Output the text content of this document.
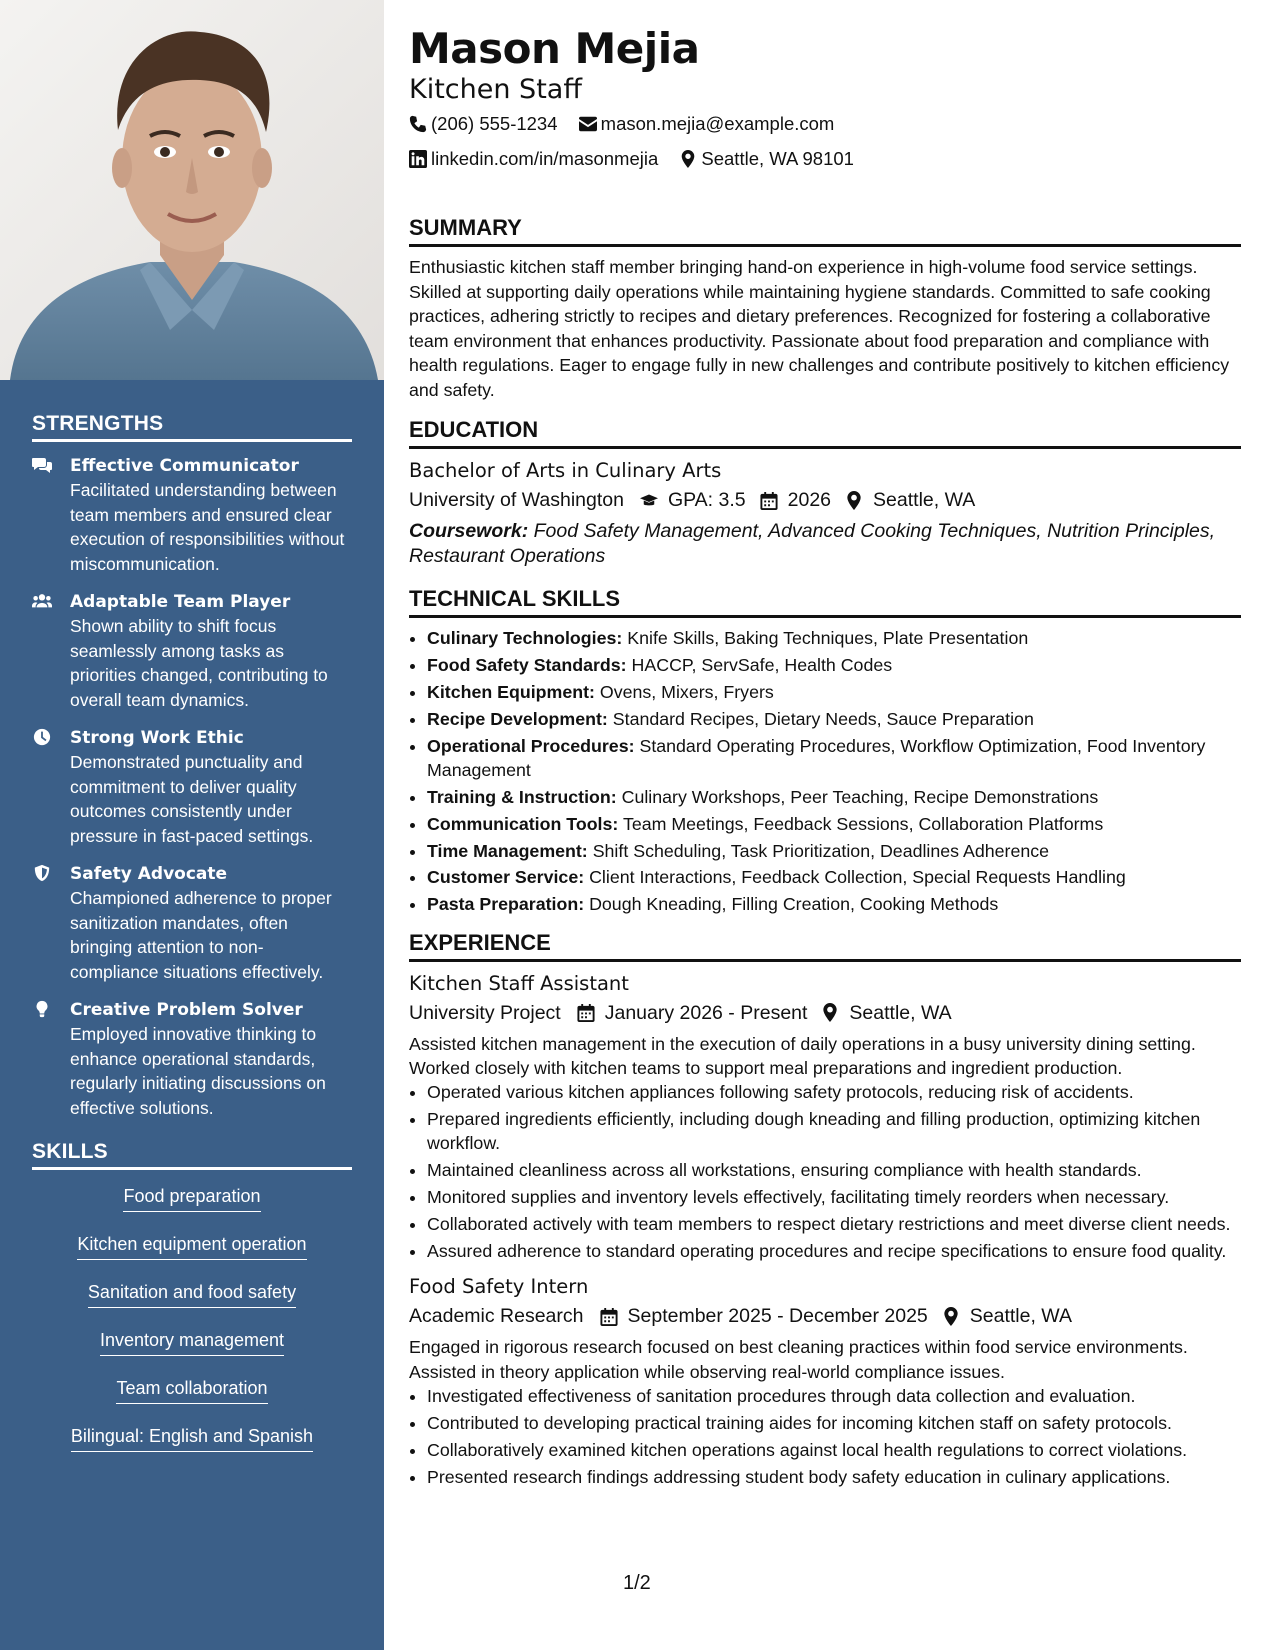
STRENGTHS
Effective Communicator
Facilitated understanding between team members and ensured clear execution of responsibilities without miscommunication.
Adaptable Team Player
Shown ability to shift focus seamlessly among tasks as priorities changed, contributing to overall team dynamics.
Strong Work Ethic
Demonstrated punctuality and commitment to deliver quality outcomes consistently under pressure in fast-paced settings.
Safety Advocate
Championed adherence to proper sanitization mandates, often bringing attention to non-compliance situations effectively.
Creative Problem Solver
Employed innovative thinking to enhance operational standards, regularly initiating discussions on effective solutions.
SKILLS
Food preparation
Kitchen equipment operation
Sanitation and food safety
Inventory management
Team collaboration
Bilingual: English and Spanish
Mason Mejia
Kitchen Staff
(206) 555-1234
mason.mejia@example.com
linkedin.com/in/masonmejia
Seattle, WA 98101
SUMMARY
Enthusiastic kitchen staff member bringing hand-on experience in high-volume food service settings. Skilled at supporting daily operations while maintaining hygiene standards. Committed to safe cooking practices, adhering strictly to recipes and dietary preferences. Recognized for fostering a collaborative team environment that enhances productivity. Passionate about food preparation and compliance with health regulations. Eager to engage fully in new challenges and contribute positively to kitchen efficiency and safety.
EDUCATION
Bachelor of Arts in Culinary Arts
University of Washington GPA: 3.5 2026 Seattle, WA
Coursework: Food Safety Management, Advanced Cooking Techniques, Nutrition Principles, Restaurant Operations
TECHNICAL SKILLS
• Culinary Technologies: Knife Skills, Baking Techniques, Plate Presentation
• Food Safety Standards: HACCP, ServSafe, Health Codes
• Kitchen Equipment: Ovens, Mixers, Fryers
• Recipe Development: Standard Recipes, Dietary Needs, Sauce Preparation
• Operational Procedures: Standard Operating Procedures, Workflow Optimization, Food Inventory Management
• Training & Instruction: Culinary Workshops, Peer Teaching, Recipe Demonstrations
• Communication Tools: Team Meetings, Feedback Sessions, Collaboration Platforms
• Time Management: Shift Scheduling, Task Prioritization, Deadlines Adherence
• Customer Service: Client Interactions, Feedback Collection, Special Requests Handling
• Pasta Preparation: Dough Kneading, Filling Creation, Cooking Methods
EXPERIENCE
Kitchen Staff Assistant
University Project January 2026 - Present Seattle, WA
Assisted kitchen management in the execution of daily operations in a busy university dining setting. Worked closely with kitchen teams to support meal preparations and ingredient production.
• Operated various kitchen appliances following safety protocols, reducing risk of accidents.
• Prepared ingredients efficiently, including dough kneading and filling production, optimizing kitchen workflow.
• Maintained cleanliness across all workstations, ensuring compliance with health standards.
• Monitored supplies and inventory levels effectively, facilitating timely reorders when necessary.
• Collaborated actively with team members to respect dietary restrictions and meet diverse client needs.
• Assured adherence to standard operating procedures and recipe specifications to ensure food quality.
Food Safety Intern
Academic Research September 2025 - December 2025 Seattle, WA
Engaged in rigorous research focused on best cleaning practices within food service environments. Assisted in theory application while observing real-world compliance issues.
• Investigated effectiveness of sanitation procedures through data collection and evaluation.
• Contributed to developing practical training aides for incoming kitchen staff on safety protocols.
• Collaboratively examined kitchen operations against local health regulations to correct violations.
• Presented research findings addressing student body safety education in culinary applications.
1/2
